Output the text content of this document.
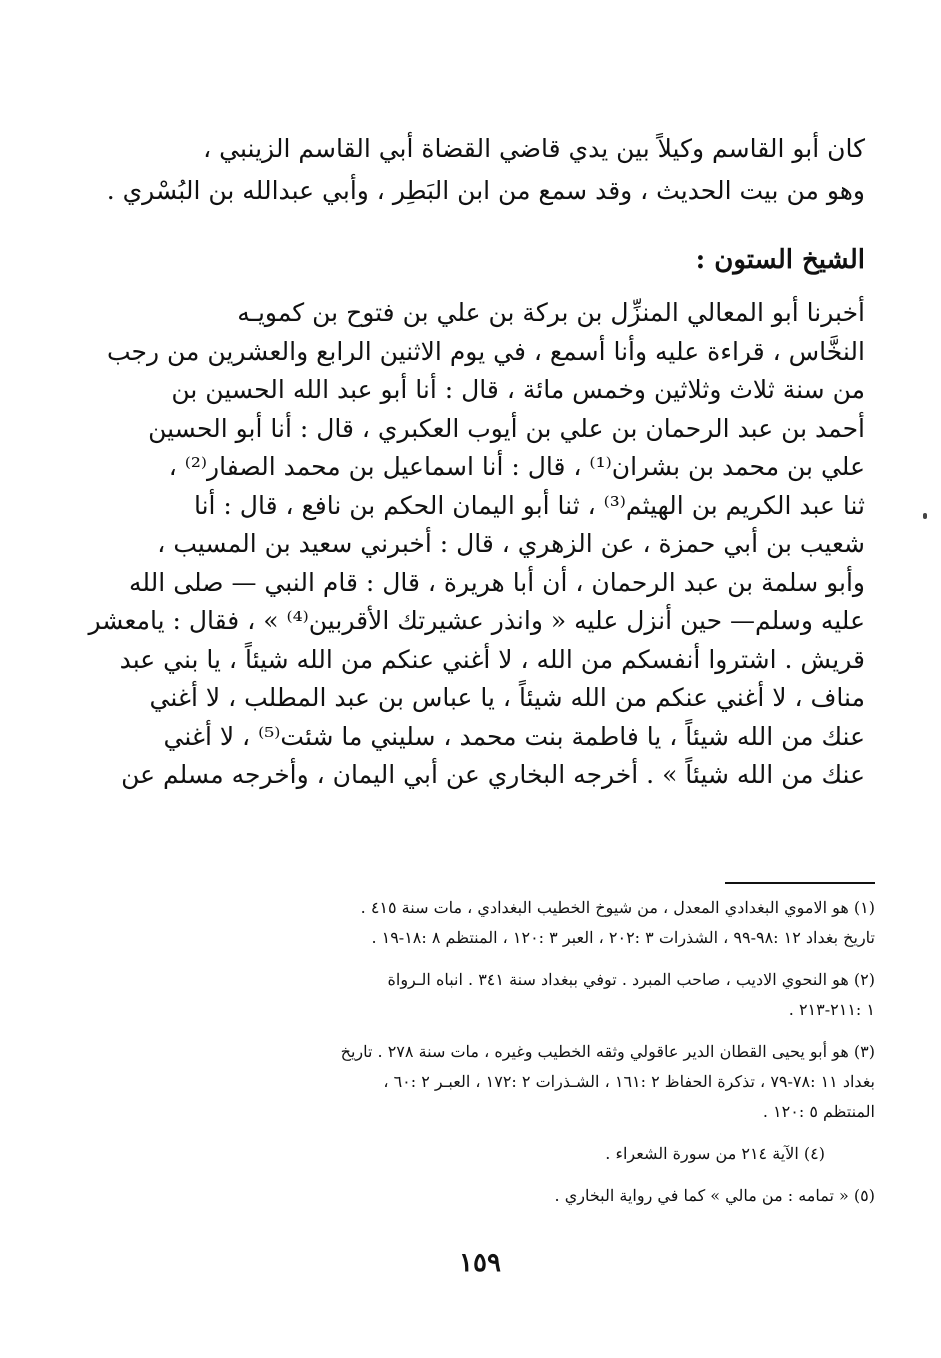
كان أبو القاسم وكيلاً بين يدي قاضي القضاة أبي القاسم الزينبي ،
وهو من بيت الحديث ، وقد سمع من ابن البَطِر ، وأبي عبدالله بن البُسْري .
الشيخ الستون :
أخبرنا أبو المعالي المنزِّل بن بركة بن علي بن فتوح بن كمويـه
النخَّاس ، قراءة عليه وأنا أسمع ، في يوم الاثنين الرابع والعشرين من رجب
من سنة ثلاث وثلاثين وخمس مائة ، قال : أنا أبو عبد الله الحسين بن
أحمد بن عبد الرحمان بن علي بن أيوب العكبري ، قال : أنا أبو الحسين
علي بن محمد بن بشران⁽¹⁾ ، قال : أنا اسماعيل بن محمد الصفار⁽²⁾ ،
ثنا عبد الكريم بن الهيثم⁽³⁾ ، ثنا أبو اليمان الحكم بن نافع ، قال : أنا
شعيب بن أبي حمزة ، عن الزهري ، قال : أخبرني سعيد بن المسيب ،
وأبو سلمة بن عبد الرحمان ، أن أبا هريرة ، قال : قام النبي — صلى الله
عليه وسلم— حين أنزل عليه « وانذر عشيرتك الأقربين⁽⁴⁾ » ، فقال : يامعشر
قريش . اشتروا أنفسكم من الله ، لا أغني عنكم من الله شيئاً ، يا بني عبد
مناف ، لا أغني عنكم من الله شيئاً ، يا عباس بن عبد المطلب ، لا أغني
عنك من الله شيئاً ، يا فاطمة بنت محمد ، سليني ما شئت⁽⁵⁾ ، لا أغني
عنك من الله شيئاً » . أخرجه البخاري عن أبي اليمان ، وأخرجه مسلم عن
(١) هو الاموي البغدادي المعدل ، من شيوخ الخطيب البغدادي ، مات سنة ٤١٥ .
تاريخ بغداد ١٢ :٩٨-٩٩ ، الشذرات ٣ :٢٠٢ ، العبر ٣ :١٢٠ ، المنتظم ٨ :١٨-١٩ .
(٢) هو النحوي الاديب ، صاحب المبرد . توفي ببغداد سنة ٣٤١ . انباه الـرواة
١ :٢١١-٢١٣ .
(٣) هو أبو يحيى القطان الدير عاقولي وثقه الخطيب وغيره ، مات سنة ٢٧٨ . تاريخ
بغداد ١١ :٧٨-٧٩ ، تذكرة الحفاظ ٢ :١٦١ ، الشـذرات ٢ :١٧٢ ، العبـر ٢ :٦٠ ،
المنتظم ٥ :١٢٠ .
(٤) الآية ٢١٤ من سورة الشعراء .
(٥) « تمامه : من مالي » كما في رواية البخاري .
١٥٩
